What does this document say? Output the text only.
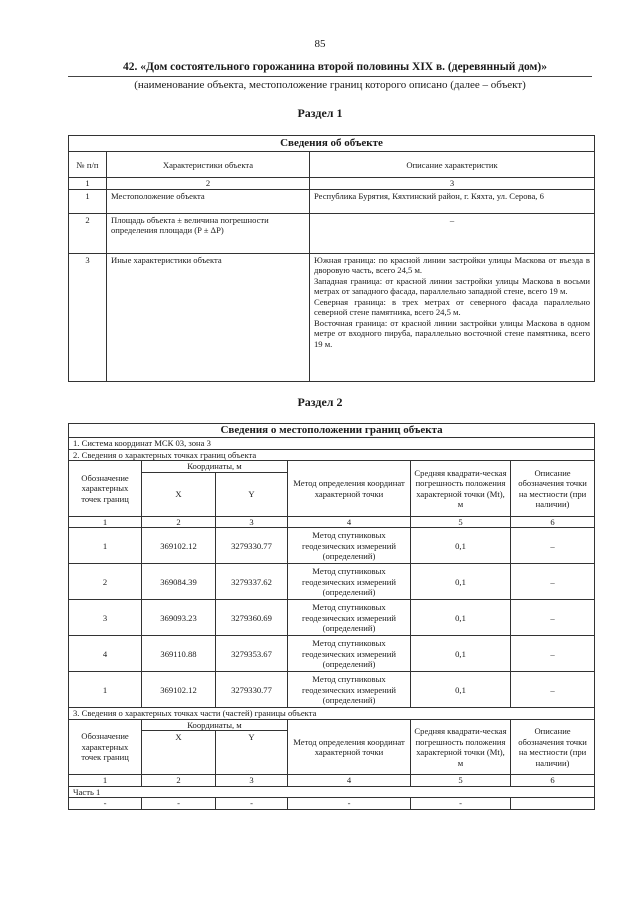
85
42. «Дом состоятельного горожанина второй половины XIX в. (деревянный дом)»
(наименование объекта, местоположение границ которого описано (далее – объект)
Раздел 1
Сведения об объекте		
№ п/п	Характеристики объекта	Описание характеристик
1	2	3
1	Местоположение объекта	Республика Бурятия, Кяхтинский район, г. Кяхта, ул. Серова, 6
2	Площадь объекта ± величина погрешности определения площади (P ± ΔP)	–
3	Иные характеристики объекта	Южная граница: по красной линии застройки улицы Маскова от въезда в дворовую часть, всего 24,5 м.
Западная граница: от красной линии застройки улицы Маскова в восьми метрах от западного фасада, параллельно западной стене, всего 19 м.
Северная граница: в трех метрах от северного фасада параллельно северной стене памятника, всего 24,5 м.
Восточная граница: от красной линии застройки улицы Маскова в одном метре от входного пируба, параллельно восточной стене памятника, всего 19 м.
Раздел 2
Сведения о местоположении границ объекта					
1. Система координат МСК 03, зона 3					
2. Сведения о характерных точках границ объекта					
Обозначение характерных точек границ	Координаты, м		Метод определения координат характерной точки	Средняя квадрати-ческая погрешность положения характерной точки (Mt), м	Описание обозначения точки на местности (при наличии)
	X	Y			
1	2	3	4	5	6
1	369102.12	3279330.77	Метод спутниковых геодезических измерений (определений)	0,1	–
2	369084.39	3279337.62	Метод спутниковых геодезических измерений (определений)	0,1	–
3	369093.23	3279360.69	Метод спутниковых геодезических измерений (определений)	0,1	–
4	369110.88	3279353.67	Метод спутниковых геодезических измерений (определений)	0,1	–
1	369102.12	3279330.77	Метод спутниковых геодезических измерений (определений)	0,1	–
3. Сведения о характерных точках части (частей) границы объекта					
Обозначение характерных точек границ	Координаты, м		Метод определения координат характерной точки	Средняя квадрати-ческая погрешность положения характерной точки (Mt), м	Описание обозначения точки на местности (при наличии)
	X	Y			
1	2	3	4	5	6
Часть 1					
-	-	-	-	-	
